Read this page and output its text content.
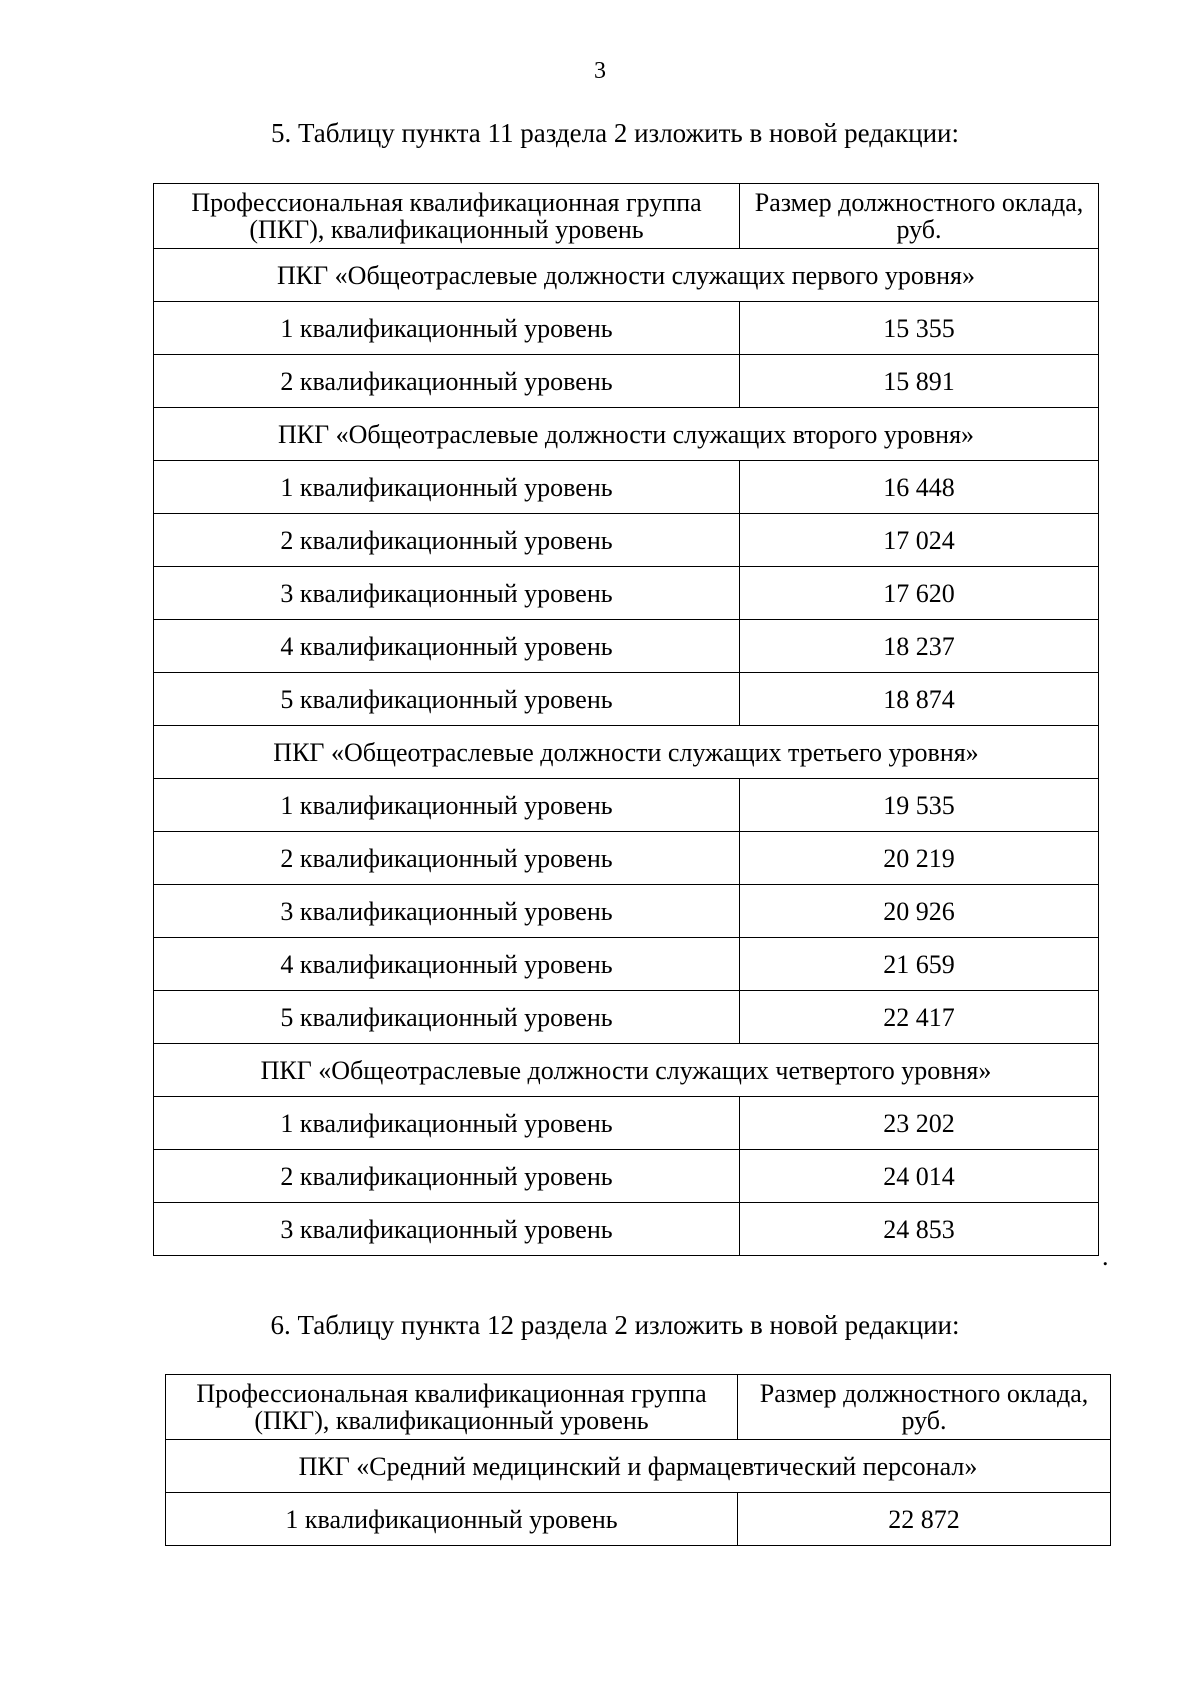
3
5. Таблицу пункта 11 раздела 2 изложить в новой редакции:
Профессиональная квалификационная группа (ПКГ), квалификационный уровень	Размер должностного оклада, руб.
ПКГ «Общеотраслевые должности служащих первого уровня»	
1 квалификационный уровень	15 355
2 квалификационный уровень	15 891
ПКГ «Общеотраслевые должности служащих второго уровня»	
1 квалификационный уровень	16 448
2 квалификационный уровень	17 024
3 квалификационный уровень	17 620
4 квалификационный уровень	18 237
5 квалификационный уровень	18 874
ПКГ «Общеотраслевые должности служащих третьего уровня»	
1 квалификационный уровень	19 535
2 квалификационный уровень	20 219
3 квалификационный уровень	20 926
4 квалификационный уровень	21 659
5 квалификационный уровень	22 417
ПКГ «Общеотраслевые должности служащих четвертого уровня»	
1 квалификационный уровень	23 202
2 квалификационный уровень	24 014
3 квалификационный уровень	24 853
.
6. Таблицу пункта 12 раздела 2 изложить в новой редакции:
Профессиональная квалификационная группа (ПКГ), квалификационный уровень	Размер должностного оклада, руб.
ПКГ «Средний медицинский и фармацевтический персонал»	
1 квалификационный уровень	22 872
